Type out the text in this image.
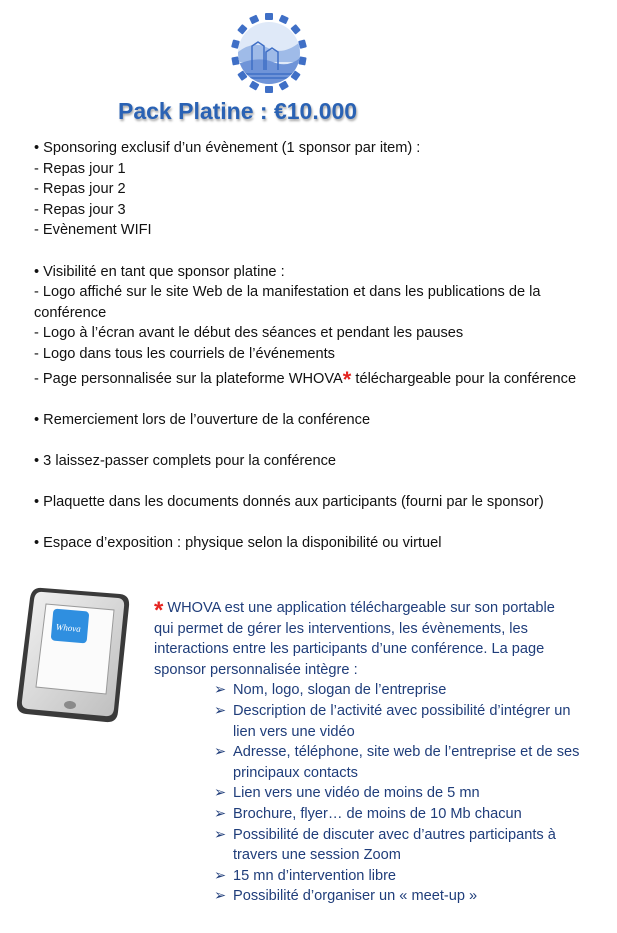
Pack Platine : €10.000
• Sponsoring exclusif d’un évènement (1 sponsor par item) :
- Repas jour 1
- Repas jour 2
- Repas jour 3
- Evènement WIFI
• Visibilité en tant que sponsor platine :
- Logo affiché sur le site Web de la manifestation et dans les publications de la conférence
- Logo à l’écran avant le début des séances et pendant les pauses
- Logo dans tous les courriels de l’événements
- Page personnalisée sur la plateforme WHOVA* téléchargeable pour la conférence
• Remerciement lors de l’ouverture de la conférence
• 3 laissez-passer complets pour la conférence
• Plaquette dans les documents donnés aux participants (fourni par le sponsor)
• Espace d’exposition : physique selon la disponibilité ou virtuel
Whova
* WHOVA est une application téléchargeable sur son portable qui permet de gérer les interventions, les évènements, les interactions entre les participants d’une conférence. La page sponsor personnalisée intègre :
➢ Nom, logo, slogan de l’entreprise
➢ Description de l’activité avec possibilité d’intégrer un lien vers une vidéo
➢ Adresse, téléphone, site web de l’entreprise et de ses principaux contacts
➢ Lien vers une vidéo de moins de 5 mn
➢ Brochure, flyer… de moins de 10 Mb chacun
➢ Possibilité de discuter avec d’autres participants à travers une session Zoom
➢ 15 mn d’intervention libre
➢ Possibilité d’organiser un « meet-up »
